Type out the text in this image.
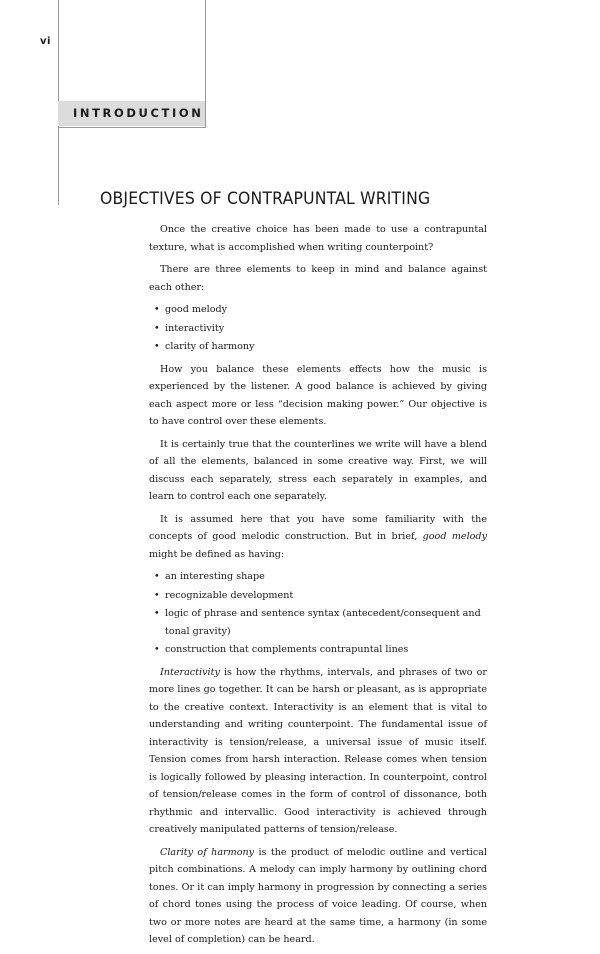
vi
INTRODUCTION
OBJECTIVES OF CONTRAPUNTAL WRITING

Once the creative choice has been made to use a contrapuntal texture, what is accomplished when writing counterpoint?

There are three elements to keep in mind and balance against each other:

• good melody
• interactivity
• clarity of harmony

How you balance these elements effects how the music is experienced by the listener. A good balance is achieved by giving each aspect more or less “decision making power.” Our objective is to have control over these elements.

It is certainly true that the counterlines we write will have a blend of all the elements, balanced in some creative way. First, we will discuss each separately, stress each separately in examples, and learn to control each one separately.

It is assumed here that you have some familiarity with the concepts of good melodic construction. But in brief, good melody might be defined as having:

• an interesting shape
• recognizable development
• logic of phrase and sentence syntax (antecedent/consequent and tonal gravity)
• construction that complements contrapuntal lines

Interactivity is how the rhythms, intervals, and phrases of two or more lines go together. It can be harsh or pleasant, as is appropriate to the creative context. Interactivity is an element that is vital to understanding and writing counterpoint. The fundamental issue of interactivity is tension/release, a universal issue of music itself. Tension comes from harsh interaction. Release comes when tension is logically followed by pleasing interaction. In counterpoint, control of tension/release comes in the form of control of dissonance, both rhythmic and intervallic. Good interactivity is achieved through creatively manipulated patterns of tension/release.

Clarity of harmony is the product of melodic outline and vertical pitch combinations. A melody can imply harmony by outlining chord tones. Or it can imply harmony in progression by connecting a series of chord tones using the process of voice leading. Of course, when two or more notes are heard at the same time, a harmony (in some level of completion) can be heard.
